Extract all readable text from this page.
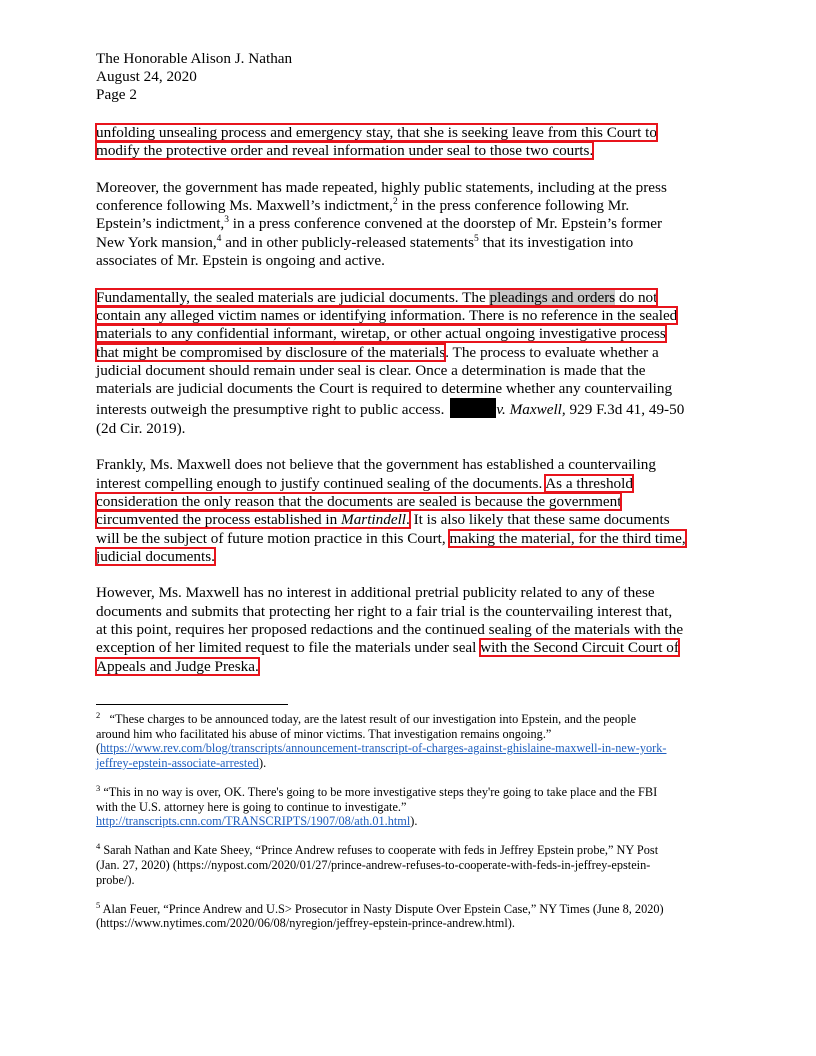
The Honorable Alison J. Nathan
August 24, 2020
Page 2

unfolding unsealing process and emergency stay, that she is seeking leave from this Court to
modify the protective order and reveal information under seal to those two courts.

Moreover, the government has made repeated, highly public statements, including at the press
conference following Ms. Maxwell’s indictment,$^2$ in the press conference following Mr.
Epstein’s indictment,$^3$ in a press conference convened at the doorstep of Mr. Epstein’s former
New York mansion,$^4$ and in other publicly-released statements$^5$ that its investigation into
associates of Mr. Epstein is ongoing and active.

Fundamentally, the sealed materials are judicial documents. The pleadings and orders do not
contain any alleged victim names or identifying information. There is no reference in the sealed
materials to any confidential informant, wiretap, or other actual ongoing investigative process
that might be compromised by disclosure of the materials. The process to evaluate whether a
judicial document should remain under seal is clear. Once a determination is made that the
materials are judicial documents the Court is required to determine whether any countervailing
interests outweigh the presumptive right to public access.	v. Maxwell, 929 F.3d 41, 49-50
(2d Cir. 2019).

Frankly, Ms. Maxwell does not believe that the government has established a countervailing
interest compelling enough to justify continued sealing of the documents. As a threshold
consideration the only reason that the documents are sealed is because the government
circumvented the process established in Martindell. It is also likely that these same documents
will be the subject of future motion practice in this Court, making the material, for the third time,
judicial documents.

However, Ms. Maxwell has no interest in additional pretrial publicity related to any of these
documents and submits that protecting her right to a fair trial is the countervailing interest that,
at this point, requires her proposed redactions and the continued sealing of the materials with the
exception of her limited request to file the materials under seal with the Second Circuit Court of
Appeals and Judge Preska.

$^2$ “These charges to be announced today, are the latest result of our investigation into Epstein, and the people
around him who facilitated his abuse of minor victims. That investigation remains ongoing.”
(https://www.rev.com/blog/transcripts/announcement-transcript-of-charges-against-ghislaine-maxwell-in-new-york-
jeffrey-epstein-associate-arrested).
$^3$ “This in no way is over, OK. There's going to be more investigative steps they're going to take place and the FBI
with the U.S. attorney here is going to continue to investigate.”
http://transcripts.cnn.com/TRANSCRIPTS/1907/08/ath.01.html).
$^4$ Sarah Nathan and Kate Sheey, “Prince Andrew refuses to cooperate with feds in Jeffrey Epstein probe,” NY Post
(Jan. 27, 2020) (https://nypost.com/2020/01/27/prince-andrew-refuses-to-cooperate-with-feds-in-jeffrey-epstein-
probe/).
$^5$ Alan Feuer, “Prince Andrew and U.S> Prosecutor in Nasty Dispute Over Epstein Case,” NY Times (June 8, 2020)
(https://www.nytimes.com/2020/06/08/nyregion/jeffrey-epstein-prince-andrew.html).
